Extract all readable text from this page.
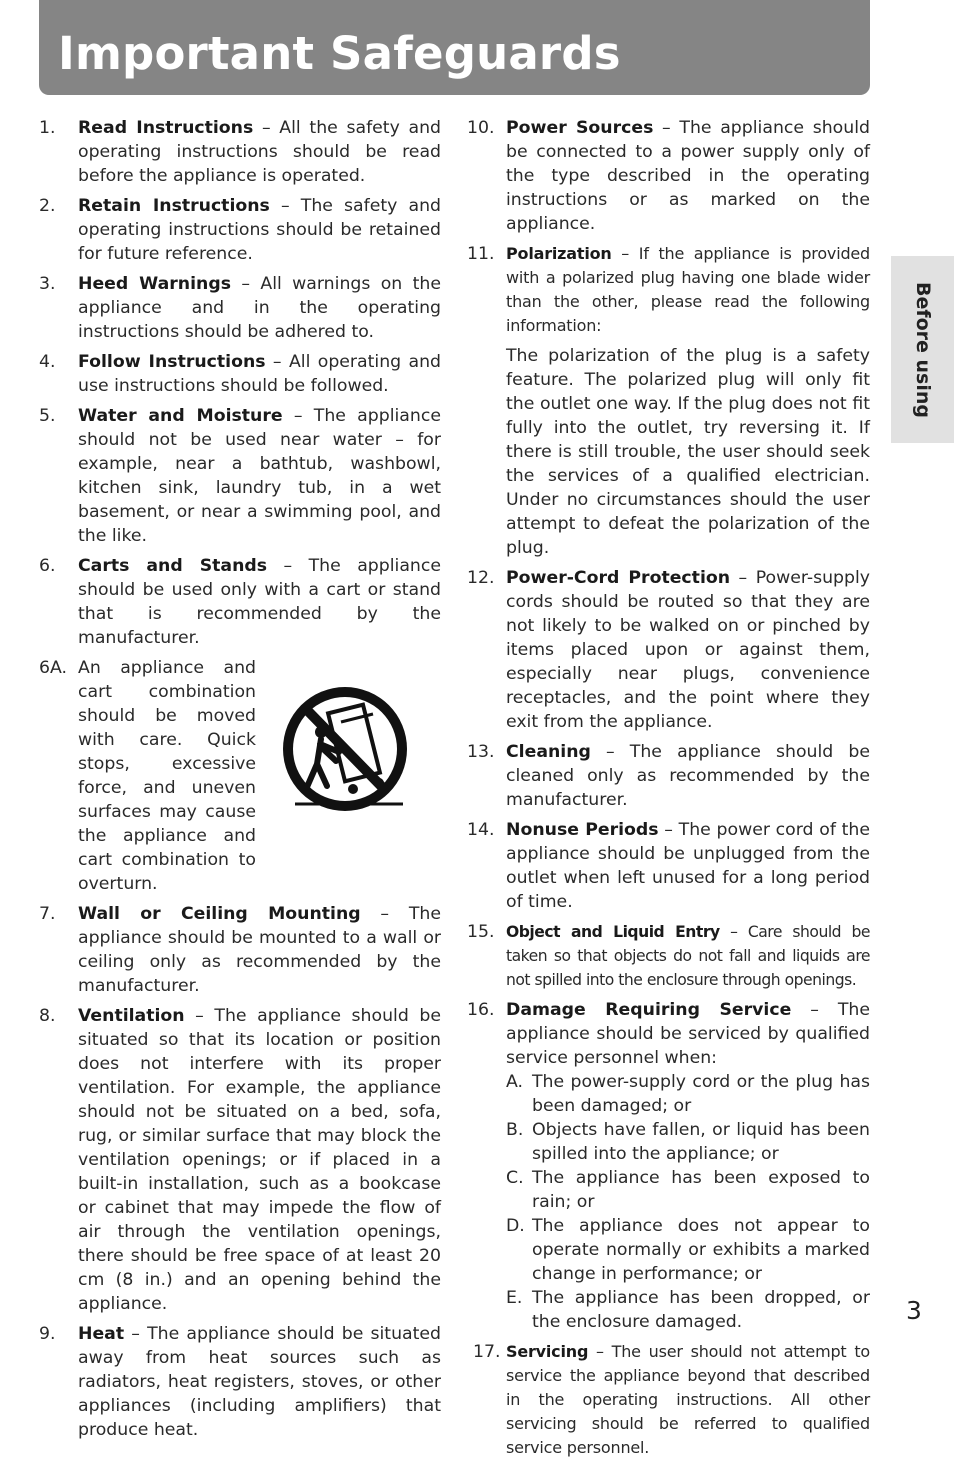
Important Safeguards
Before using
1.	Read Instructions – All the safety and operating instructions should be read before the appliance is operated.
2.	Retain Instructions – The safety and operating instructions should be retained for future reference.
3.	Heed Warnings – All warnings on the appliance and in the operating instructions should be adhered to.
4.	Follow Instructions – All operating and use instructions should be followed.
5.	Water and Moisture – The appliance should not be used near water – for example, near a bathtub, washbowl, kitchen sink, laundry tub, in a wet basement, or near a swimming pool, and the like.
6.	Carts and Stands – The appliance should be used only with a cart or stand that is recommended by the manufacturer.
6A. An appliance and cart combination should be moved with care. Quick stops, excessive force, and uneven surfaces may cause the appliance and cart combination to overturn.
7.	Wall or Ceiling Mounting – The appliance should be mounted to a wall or ceiling only as recommended by the manufacturer.
8.	Ventilation – The appliance should be situated so that its location or position does not interfere with its proper ventilation. For example, the appliance should not be situated on a bed, sofa, rug, or similar surface that may block the ventilation openings; or if placed in a built-in installation, such as a bookcase or cabinet that may impede the flow of air through the ventilation openings, there should be free space of at least 20 cm (8 in.) and an opening behind the appliance.
9.	Heat – The appliance should be situated away from heat sources such as radiators, heat registers, stoves, or other appliances (including amplifiers) that produce heat.
10. Power Sources – The appliance should be connected to a power supply only of the type described in the operating instructions or as marked on the appliance.
11. Polarization – If the appliance is provided with a polarized plug having one blade wider than the other, please read the following information:
The polarization of the plug is a safety feature. The polarized plug will only fit the outlet one way. If the plug does not fit fully into the outlet, try reversing it. If there is still trouble, the user should seek the services of a qualified electrician. Under no circumstances should the user attempt to defeat the polarization of the plug.
12. Power-Cord Protection – Power-supply cords should be routed so that they are not likely to be walked on or pinched by items placed upon or against them, especially near plugs, convenience receptacles, and the point where they exit from the appliance.
13. Cleaning – The appliance should be cleaned only as recommended by the manufacturer.
14. Nonuse Periods – The power cord of the appliance should be unplugged from the outlet when left unused for a long period of time.
15. Object and Liquid Entry – Care should be taken so that objects do not fall and liquids are not spilled into the enclosure through openings.
16. Damage Requiring Service – The appliance should be serviced by qualified service personnel when:
A. The power-supply cord or the plug has been damaged; or
B. Objects have fallen, or liquid has been spilled into the appliance; or
C. The appliance has been exposed to rain; or
D. The appliance does not appear to operate normally or exhibits a marked change in performance; or
E. The appliance has been dropped, or the enclosure damaged.
17. Servicing – The user should not attempt to service the appliance beyond that described in the operating instructions. All other servicing should be referred to qualified service personnel.
3
